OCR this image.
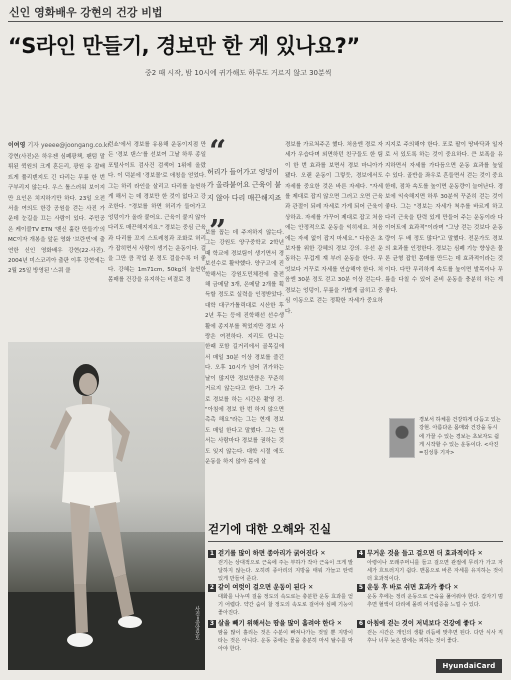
신인 영화배우 강현의 건강 비법
“S라인 만들기, 경보만 한 게 있나요?”
중2 때 시작, 밤 10시에 귀가해도 하루도 거르지 않고 30분씩
이여영 기자 yeeee@joongang.co.kr
강현(사진)은 하우젠 심폐광책, 팬텀 말튀된 퀵원의 크게 혼든리, 광원 유 잡배뜨게 퓰리덴지도 긴 다리는 무릎 한 번 구부리지 않는다. 우스 톨스러워 보이지만 요인은 치지하기만 하다. 23일 오전 서울 여의도 한강 공원을 걷는 사진 가운데 눈길을 끄는 사람이 있다. 주민공은 케이블TV ETN '벤신 훌란 만들기'의 MC이자 개봉을 앞둔 영화 '브란빈'에 출연한 신인 영화배우 강현(22·사진). 2004년 미스코리아 출판 이후 강현에는 2월 25일 방영된 '스쿼 클
런쇼'에서 경보를 유용해 운동이지점 만든 '경보 댄스'를 선보여 그날 하루 종일 포털사이트 검사건 검색어 1위에 올랐다. 이 덕분에 '경보몰'로 애칭을 얻었다. 그는 하리 라인을 살리고 다리를 늘씬하게 해서 는 데 경보만 한 것이 없다고 강조한다. "경보를 하면 허리가 들어가고 엉덩이가 올라 붙어요. 근육이 붙지 않아 다리도 매끈해지지요." 경보는 중심 근육과 다리를 꼬지 스트레칭과 조화로 허리가 잡히면서 사람이 생기는 운동이다. 걸을 그만 큼 작업 분 정도 걸을수록 더 좋다. 강혜는 1m71cm, 50kg의 늘씬한 몸매를 건강을 유지하는 비결로 경
“
허리가 들어가고 엉덩이가 올라붙어요 근육이 붙지 않아 다리 매끈해지죠
”
보를 꼽는 데 주저하지 않는다. 그는 강원도 양구중학교 2학년 때 학교에 경보팀이 생기면서 경보선수로 활약했다. 양구고에 진학해서는 강원도민체전에 출전해 금메달 3개, 은메달 2개를 획득할 정도로 실력을 인정받았다. 대학 대구가톨릭대로 시산한 후 2년 후는 등에 진학해선 선수생활에 종지부를 찍었지만 경보 사랑은 여전하다. 지리도 탄니는 한때 포함 길거리에서 골목길에서 매일 30분 이상 경보를 즐긴다. 오후 10시가 넘어 귀가하는 날이 많지만 경보만큼은 꾸준히 거르지 않는다고 한다. 그가 주로 경보를 하는 시간은 촬영 전. "아침에 경보 한 번 하지 않으면 촉촉 해요"라는 그는 현재 경보도 매일 한다고 말했다. 그는 면서는 사람마다 경보를 권하는 것도 잊지 않는다. 대학 시절 에도 운동을 하지 않아 몸에 살
경보를 가르쳐주곤 했다. 처음엔 경로 자세가 우습다며 외면하던 친구들도 한 팀 이 한 번 효과를 보면서 경보 마니아가 됐다. 오랜 운동이 그렇듯, 경보에서도 자세를 중요한 것은 바른 자세다. "자세를 제대로 잡지 않으면 그러고 오면 근육과 관절이 되레 자세로 가게 되어 근육이 상하죠. 자세를 가꾸어 제대로 잡고 처음에는 안정적으로 운동을 익히세요. 처음에는 자세 없이 잡지 마세요." 다음은 초보자를 위한 강혜의 경보 강의. 우선 운동하는 무겁게 쟤 부러 운동을 한다. 무엇보다 거꾸로 자세를 연습해야 한다. 처음엔 30분 정도 걷고 30분 이상 걷는다. 경보는 엉덩이, 무릎을 가볍게 굽히고 중심 이동으로 걷는 정확한 자세가 중요하다.
지지로 주의해야 한다. 포로 팔이 땅바닥과 일자로 서 있도록 하는 것이 중요하다. 큰 보폭을 유지하면서 자세를 가다듬으면 운동 효과를 높일 수 있다. 골반을 좌우로 흔들면서 걷는 것이 중요한데, 점차 속도를 높이면 운동량이 늘어난다. 경보에 익숙해지면 하루 30분씩 꾸준히 걷는 것이 좋다. 그는 "경보는 자세가 척추를 바르게 하고 다리 근육을 탄력 있게 만들어 주는 운동이라 다이어트에 효과적"이라며 "그냥 걷는 것보다 운동량이 두 배 정도 많다"고 말했다. 전문가도 경보의 효과를 인정한다. 경보는 심폐 기능 향상은 물론 균형 잡힌 몸매를 만드는 데 효과적이라는 것이다. 다만 무리하게 속도를 높이면 발목이나 무릎을 다칠 수 있어 준비 운동을 충분히 하는 게 좋다.
사진=중앙포토
경보서 하체를 건강하게 다듬고 있는 강현. 아름다운 몸매와 건강을 동시에 가꿀 수 있는 경보는 초보자도 쉽게 시작할 수 있는 운동이다. <사진=김성룡 기자>
걷기에 대한 오해와 진실
1 걷기를 많이 하면 종아리가 굵어진다 ✕
걷기는 상대적으로 근육에 주는 부하가 작아 근육이 크게 발달하지 않는다. 오히려 종아리의 지방을 태워 가늘고 탄력 있게 만들어 준다.
2 같이 여럿이 걸으면 운동이 된다 ✕
대화를 나누며 걸을 정도의 속도로는 충분한 운동 효과를 얻기 어렵다. 약간 숨이 찰 정도의 속도로 걸어야 심폐 기능이 좋아진다.
3 살을 빼기 위해서는 땀을 많이 흘려야 한다 ✕
땀을 많이 흘리는 것은 수분이 빠져나가는 것일 뿐 지방이 타는 것은 아니다. 운동 중에는 물을 충분히 마셔 탈수를 막아야 한다.
4 무거운 것을 들고 걸으면 더 효과적이다 ✕
아령이나 모래주머니를 들고 걸으면 관절에 무리가 가고 자세가 흐트러지기 쉽다. 맨몸으로 바른 자세를 유지하는 것이 더 효과적이다.
5 운동 후 바로 쉬면 효과가 좋다 ✕
운동 후에는 정리 운동으로 근육을 풀어줘야 한다. 갑자기 멈추면 혈액이 다리에 몰려 어지럼증을 느낄 수 있다.
6 아침에 걷는 것이 저녁보다 건강에 좋다 ✕
걷는 시간은 개인의 생활 리듬에 맞추면 된다. 다만 식사 직후나 너무 늦은 밤에는 피하는 것이 좋다.
HyundaiCard
